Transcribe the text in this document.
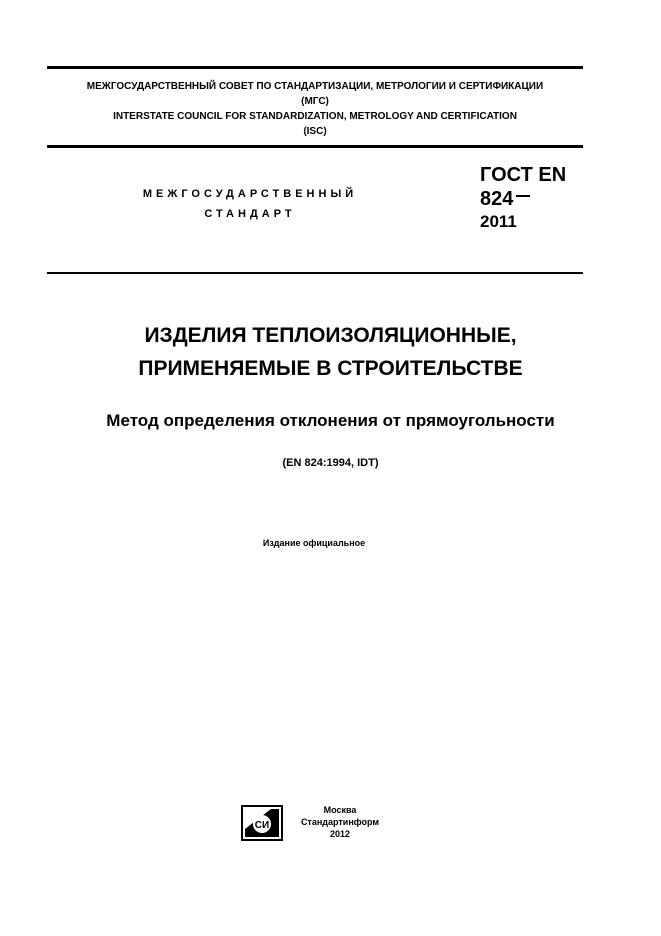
МЕЖГОСУДАРСТВЕННЫЙ СОВЕТ ПО СТАНДАРТИЗАЦИИ, МЕТРОЛОГИИ И СЕРТИФИКАЦИИ
(МГС)
INTERSTATE COUNCIL FOR STANDARDIZATION, METROLOGY AND CERTIFICATION
(ISC)
МЕЖГОСУДАРСТВЕННЫЙ
СТАНДАРТ
ГОСТ EN
824
2011
ИЗДЕЛИЯ ТЕПЛОИЗОЛЯЦИОННЫЕ,
ПРИМЕНЯЕМЫЕ В СТРОИТЕЛЬСТВЕ
Метод определения отклонения от прямоугольности
(EN 824:1994, IDT)
Издание официальное
СИ
Москва
Стандартинформ
2012
